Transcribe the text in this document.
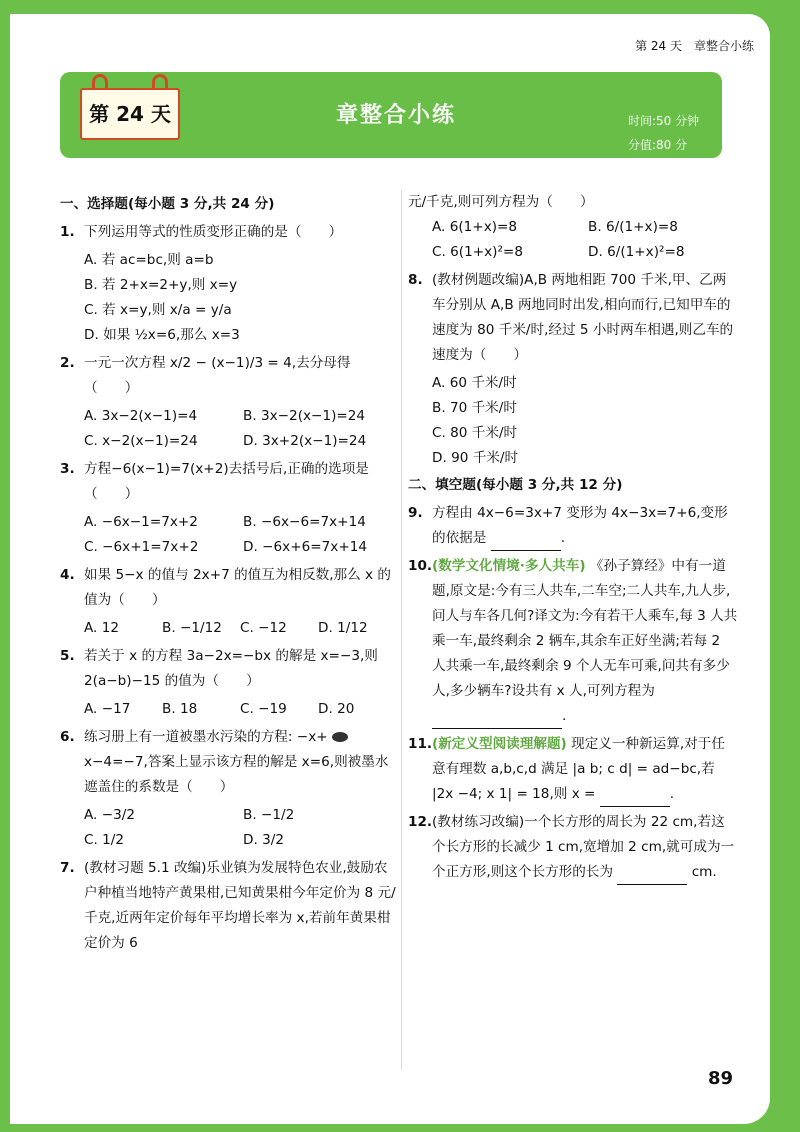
第 24 天　章整合小练
第 24 天	章整合小练	时间:50 分钟
分值:80 分
一、选择题(每小题 3 分,共 24 分)
1. 下列运用等式的性质变形正确的是（　　）
A. 若 ac=bc,则 a=b
B. 若 2+x=2+y,则 x=y
C. 若 x=y,则 x/a = y/a
D. 如果 ½x=6,那么 x=3
2. 一元一次方程 x/2 − (x−1)/3 = 4,去分母得（　　）
A. 3x−2(x−1)=4	B. 3x−2(x−1)=24
C. x−2(x−1)=24	D. 3x+2(x−1)=24
3. 方程−6(x−1)=7(x+2)去括号后,正确的选项是（　　）
A. −6x−1=7x+2	B. −6x−6=7x+14
C. −6x+1=7x+2	D. −6x+6=7x+14
4. 如果 5−x 的值与 2x+7 的值互为相反数,那么 x 的值为（　　）
A. 12	B. −1/12	C. −12	D. 1/12
5. 若关于 x 的方程 3a−2x=−bx 的解是 x=−3,则 2(a−b)−15 的值为（　　）
A. −17	B. 18	C. −19	D. 20
6. 练习册上有一道被墨水污染的方程: −x+  x−4=−7,答案上显示该方程的解是 x=6,则被墨水遮盖住的系数是（　　）
A. −3/2	B. −1/2
C. 1/2	D. 3/2
7. (教材习题 5.1 改编)乐业镇为发展特色农业,鼓励农户种植当地特产黄果柑,已知黄果柑今年定价为 8 元/千克,近两年定价每年平均增长率为 x,若前年黄果柑定价为 6
元/千克,则可列方程为（　　）
A. 6(1+x)=8	B. 6/(1+x)=8
C. 6(1+x)²=8	D. 6/(1+x)²=8
8. (教材例题改编)A,B 两地相距 700 千米,甲、乙两车分别从 A,B 两地同时出发,相向而行,已知甲车的速度为 80 千米/时,经过 5 小时两车相遇,则乙车的速度为（　　）
A. 60 千米/时
B. 70 千米/时
C. 80 千米/时
D. 90 千米/时
二、填空题(每小题 3 分,共 12 分)
9. 方程由 4x−6=3x+7 变形为 4x−3x=7+6,变形的依据是	.
10. (数学文化情境·多人共车) 《孙子算经》中有一道题,原文是:今有三人共车,二车空;二人共车,九人步,问人与车各几何?译文为:今有若干人乘车,每 3 人共乘一车,最终剩余 2 辆车,其余车正好坐满;若每 2 人共乘一车,最终剩余 9 个人无车可乘,问共有多少人,多少辆车?设共有 x 人,可列方程为 .
11. (新定义型阅读理解题) 现定义一种新运算,对于任意有理数 a,b,c,d 满足 |a b; c d| = ad−bc,若 |2x −4; x 1| = 18,则 x =	.
12. (教材练习改编)一个长方形的周长为 22 cm,若这个长方形的长减少 1 cm,宽增加 2 cm,就可成为一个正方形,则这个长方形的长为	cm.
89
